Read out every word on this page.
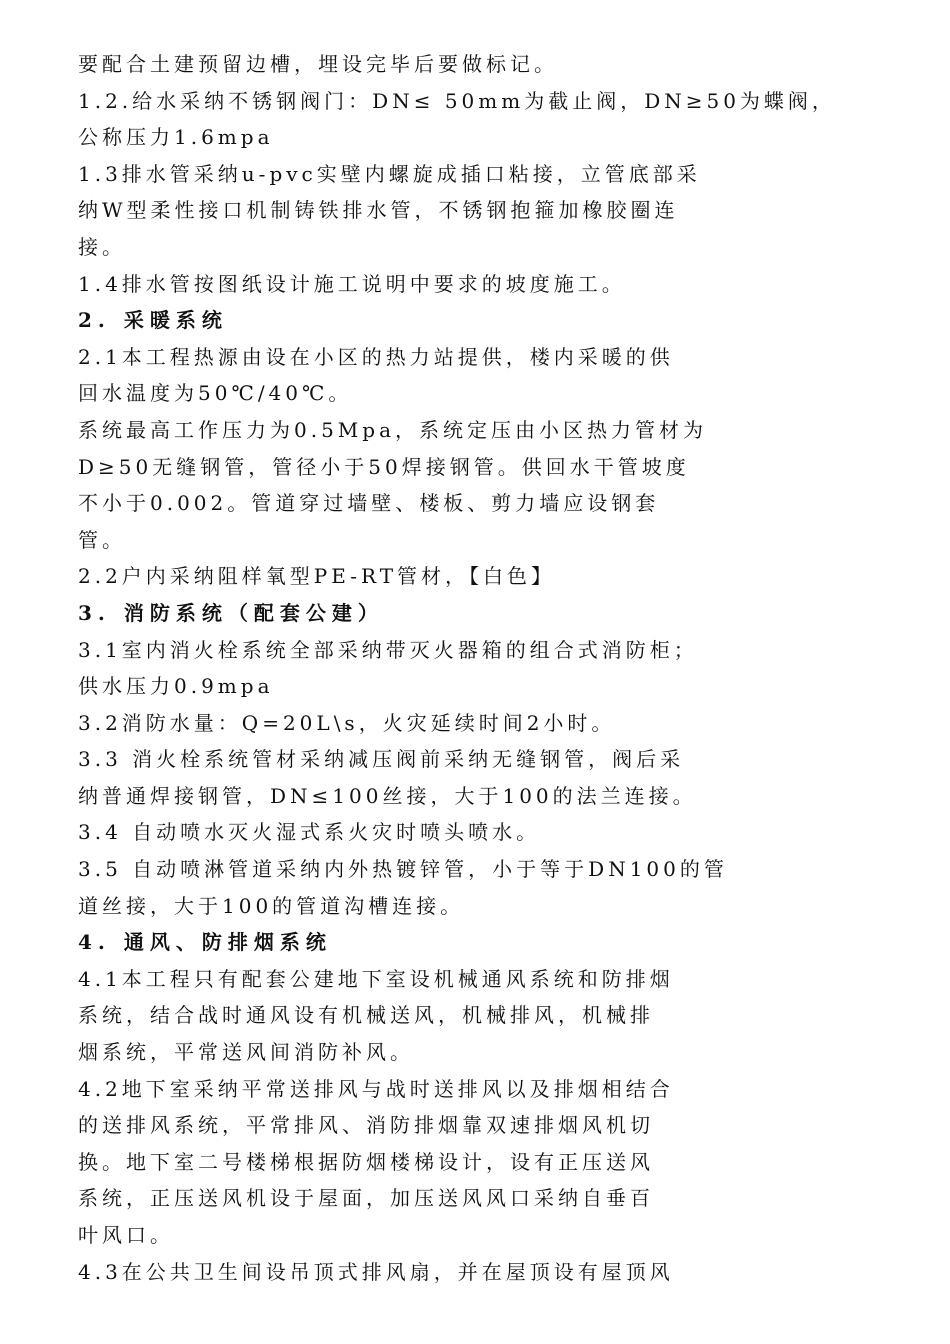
要配合土建预留边槽，埋设完毕后要做标记。
1.2.给水采纳不锈钢阀门：DN≤ 50mm为截止阀，DN≥50为蝶阀，
公称压力1.6mpa
1.3排水管采纳u-pvc实壁内螺旋成插口粘接，立管底部采
纳W型柔性接口机制铸铁排水管，不锈钢抱箍加橡胶圈连
接。
1.4排水管按图纸设计施工说明中要求的坡度施工。
2. 采暖系统
2.1本工程热源由设在小区的热力站提供，楼内采暖的供
回水温度为50℃/40℃。
系统最高工作压力为0.5Mpa，系统定压由小区热力管材为
D≥50无缝钢管，管径小于50焊接钢管。供回水干管坡度
不小于0.002。管道穿过墙壁、楼板、剪力墙应设钢套
管。
2.2户内采纳阻样氧型PE-RT管材，【白色】
3. 消防系统（配套公建）
3.1室内消火栓系统全部采纳带灭火器箱的组合式消防柜；
供水压力0.9mpa
3.2消防水量：Q=20L\s，火灾延续时间2小时。
3.3 消火栓系统管材采纳减压阀前采纳无缝钢管，阀后采
纳普通焊接钢管，DN≤100丝接，大于100的法兰连接。
3.4 自动喷水灭火湿式系火灾时喷头喷水。
3.5 自动喷淋管道采纳内外热镀锌管，小于等于DN100的管
道丝接，大于100的管道沟槽连接。
4. 通风、防排烟系统
4.1本工程只有配套公建地下室设机械通风系统和防排烟
系统，结合战时通风设有机械送风，机械排风，机械排
烟系统，平常送风间消防补风。
4.2地下室采纳平常送排风与战时送排风以及排烟相结合
的送排风系统，平常排风、消防排烟靠双速排烟风机切
换。地下室二号楼梯根据防烟楼梯设计，设有正压送风
系统，正压送风机设于屋面，加压送风风口采纳自垂百
叶风口。
4.3在公共卫生间设吊顶式排风扇，并在屋顶设有屋顶风
